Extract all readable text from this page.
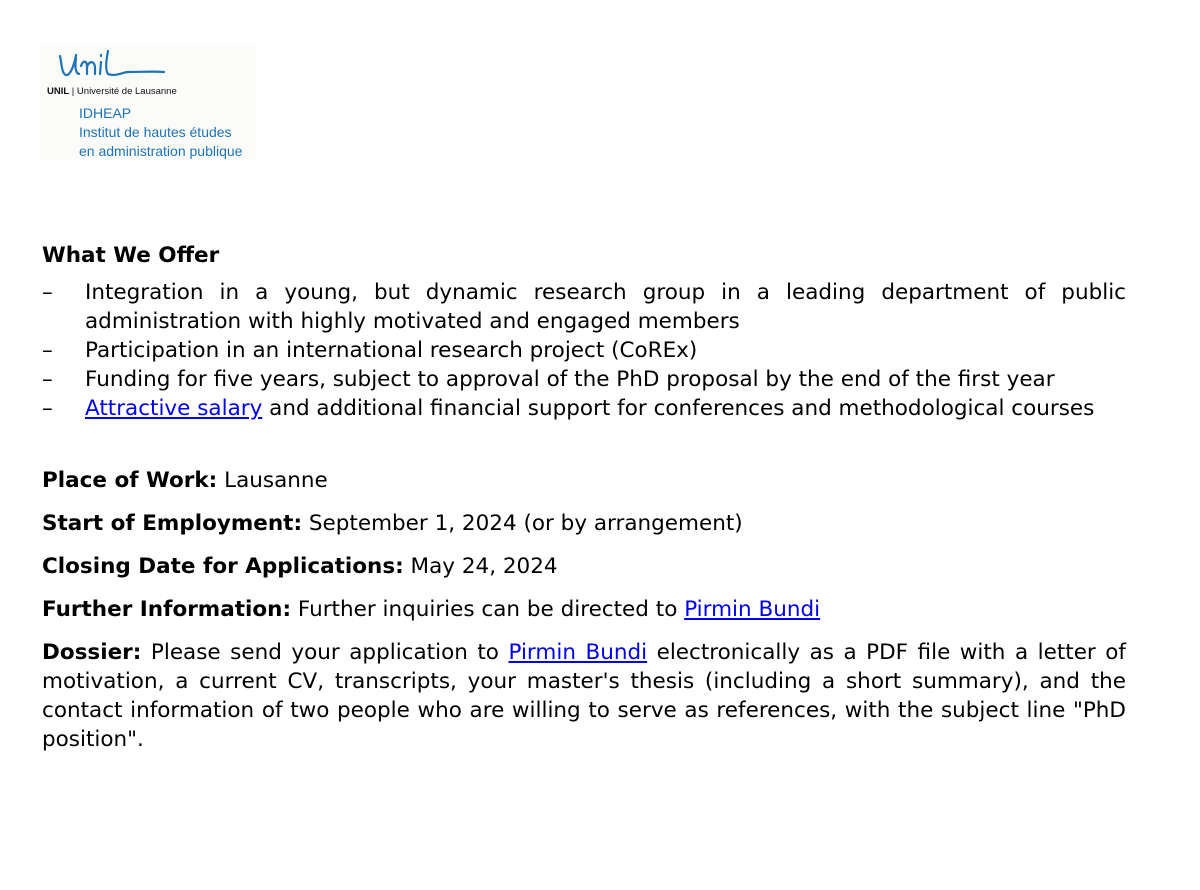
UNIL | Université de Lausanne
IDHEAP
Institut de hautes études
en administration publique
What We Offer
– Integration in a young, but dynamic research group in a leading department of public administration with highly motivated and engaged members
– Participation in an international research project (CoREx)
– Funding for five years, subject to approval of the PhD proposal by the end of the first year
– Attractive salary and additional financial support for conferences and methodological courses

Place of Work: Lausanne

Start of Employment: September 1, 2024 (or by arrangement)

Closing Date for Applications: May 24, 2024

Further Information: Further inquiries can be directed to Pirmin Bundi

Dossier: Please send your application to Pirmin Bundi electronically as a PDF file with a letter of motivation, a current CV, transcripts, your master's thesis (including a short summary), and the contact information of two people who are willing to serve as references, with the subject line "PhD position".
